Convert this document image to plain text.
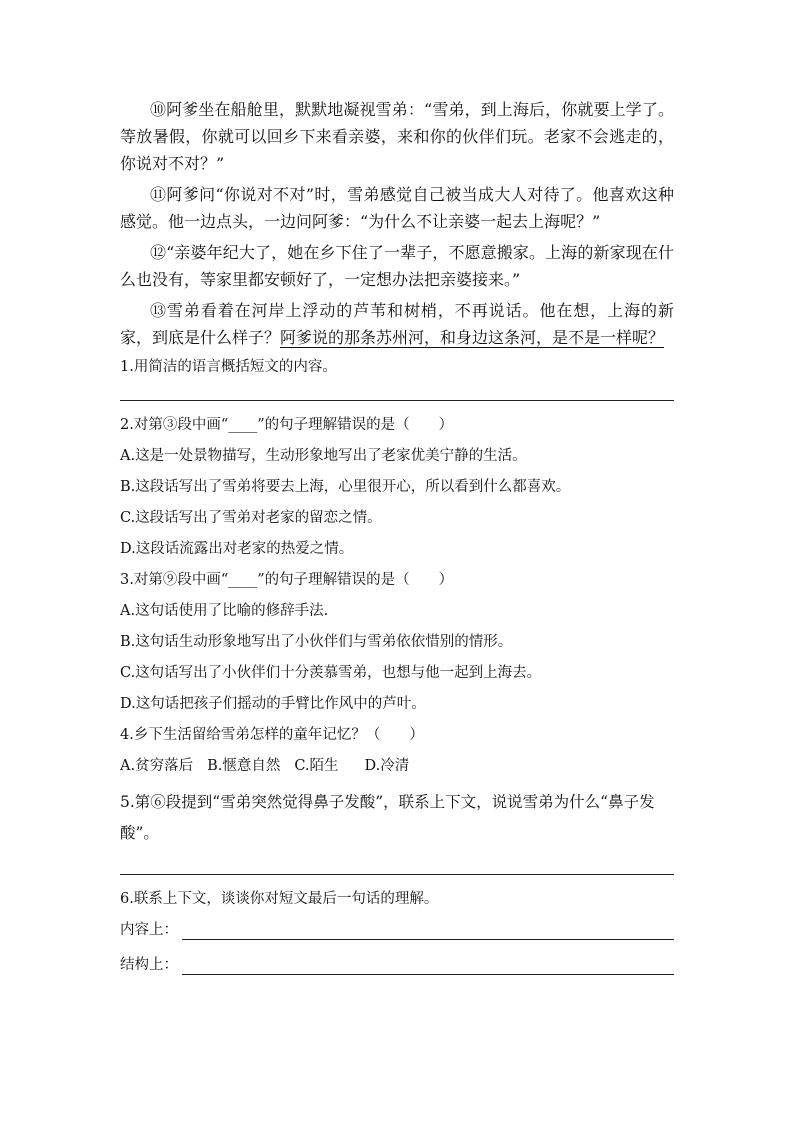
⑩阿爹坐在船舱里，默默地凝视雪弟：“雪弟，到上海后，你就要上学了。等放暑假，你就可以回乡下来看亲婆，来和你的伙伴们玩。老家不会逃走的，你说对不对？”

⑪阿爹问“你说对不对”时，雪弟感觉自己被当成大人对待了。他喜欢这种感觉。他一边点头，一边问阿爹：“为什么不让亲婆一起去上海呢？”

⑫“亲婆年纪大了，她在乡下住了一辈子，不愿意搬家。上海的新家现在什么也没有，等家里都安顿好了，一定想办法把亲婆接来。”

⑬雪弟看着在河岸上浮动的芦苇和树梢，不再说话。他在想，上海的新家，到底是什么样子？阿爹说的那条苏州河，和身边这条河，是不是一样呢？

1.用简洁的语言概括短文的内容。

2.对第③段中画“____”的句子理解错误的是（　　）

A.这是一处景物描写，生动形象地写出了老家优美宁静的生活。

B.这段话写出了雪弟将要去上海，心里很开心，所以看到什么都喜欢。

C.这段话写出了雪弟对老家的留恋之情。

D.这段话流露出对老家的热爱之情。

3.对第⑨段中画“____”的句子理解错误的是（　　）

A.这句话使用了比喻的修辞手法.

B.这句话生动形象地写出了小伙伴们与雪弟依依惜别的情形。

C.这句话写出了小伙伴们十分羡慕雪弟，也想与他一起到上海去。

D.这句话把孩子们摇动的手臂比作风中的芦叶。

4.乡下生活留给雪弟怎样的童年记忆？（　　）

A.贫穷落后 B.惬意自然 C.陌生 D.冷清

5.第⑥段提到“雪弟突然觉得鼻子发酸”，联系上下文，说说雪弟为什么“鼻子发酸”。

6.联系上下文，谈谈你对短文最后一句话的理解。

内容上：
结构上：
